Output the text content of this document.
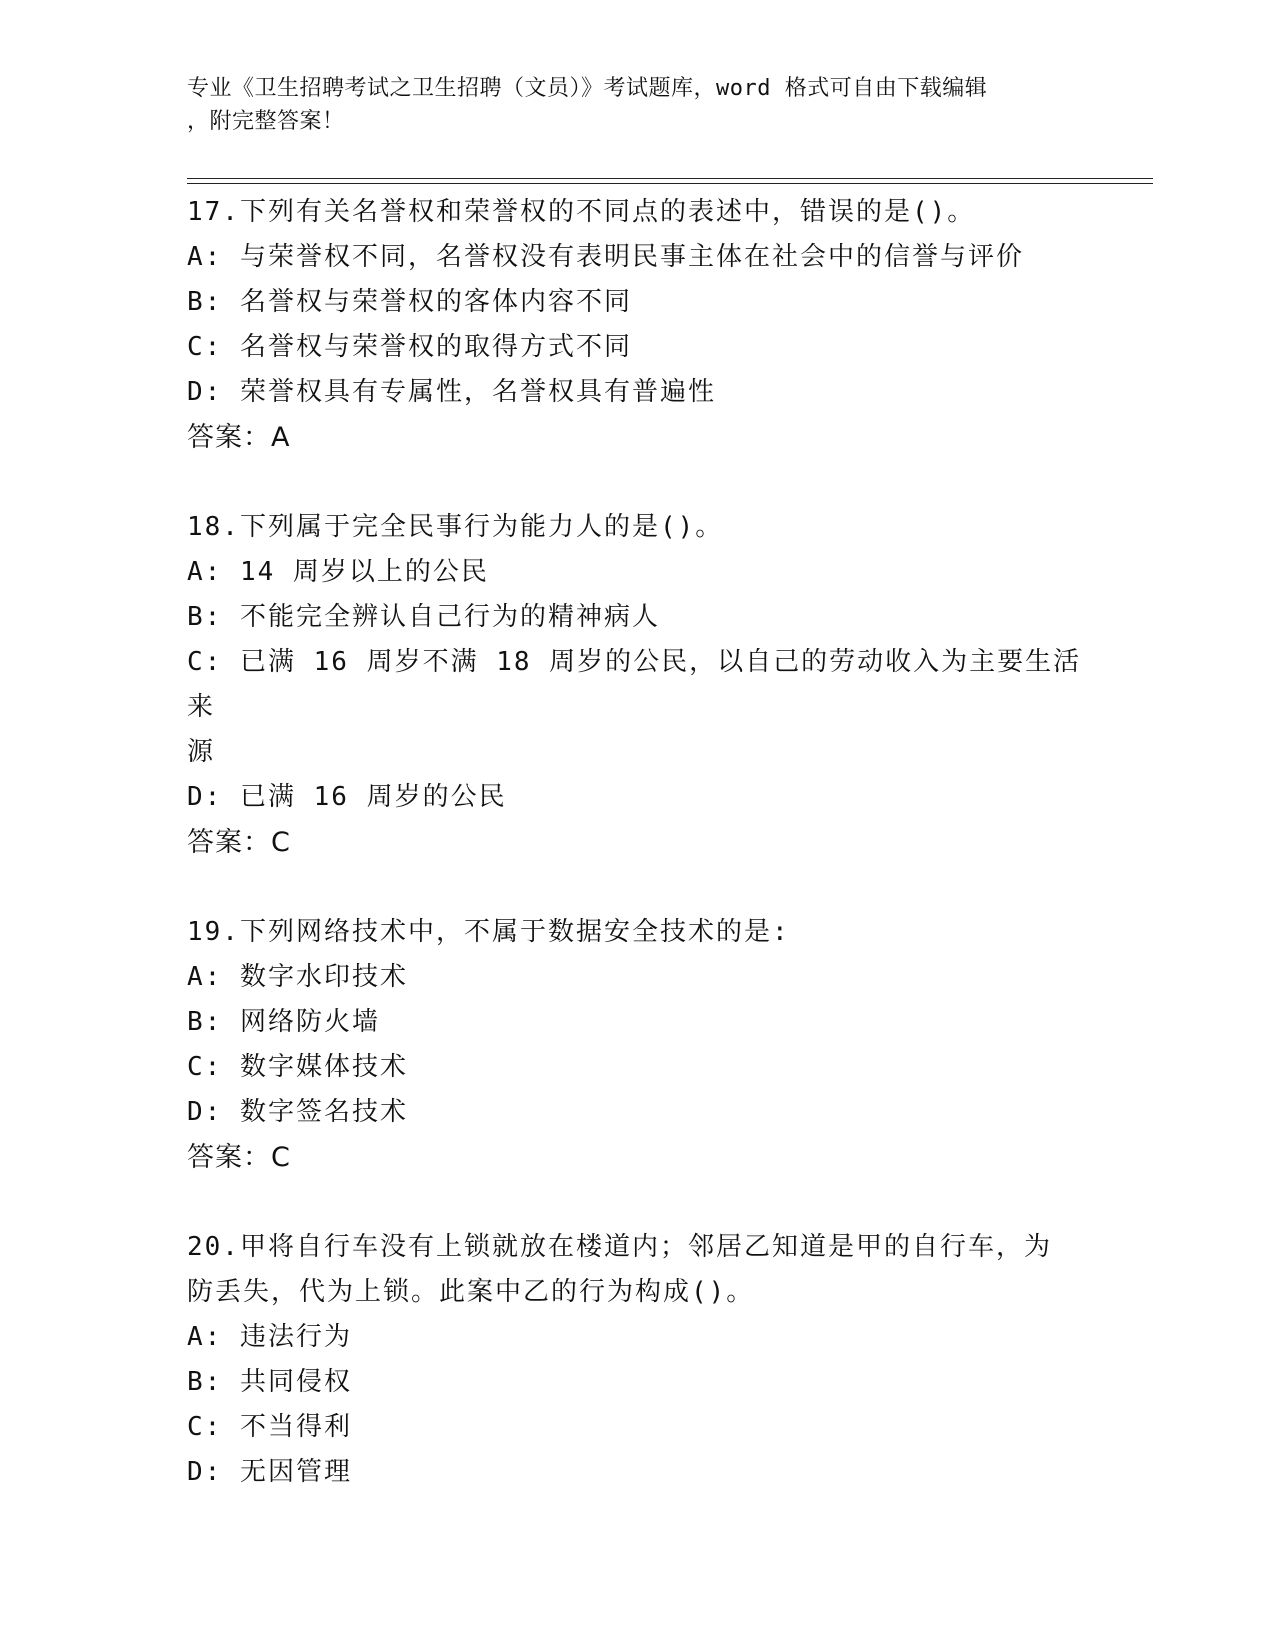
专业《卫生招聘考试之卫生招聘（文员）》考试题库，word 格式可自由下载编辑
，附完整答案！
17.下列有关名誉权和荣誉权的不同点的表述中，错误的是()。
A: 与荣誉权不同，名誉权没有表明民事主体在社会中的信誉与评价
B: 名誉权与荣誉权的客体内容不同
C: 名誉权与荣誉权的取得方式不同
D: 荣誉权具有专属性，名誉权具有普遍性
答案：A
18.下列属于完全民事行为能力人的是()。
A: 14 周岁以上的公民
B: 不能完全辨认自己行为的精神病人
C: 已满 16 周岁不满 18 周岁的公民，以自己的劳动收入为主要生活来
源
D: 已满 16 周岁的公民
答案：C
19.下列网络技术中，不属于数据安全技术的是:
A: 数字水印技术
B: 网络防火墙
C: 数字媒体技术
D: 数字签名技术
答案：C
20.甲将自行车没有上锁就放在楼道内；邻居乙知道是甲的自行车，为
防丢失，代为上锁。此案中乙的行为构成()。
A: 违法行为
B: 共同侵权
C: 不当得利
D: 无因管理
